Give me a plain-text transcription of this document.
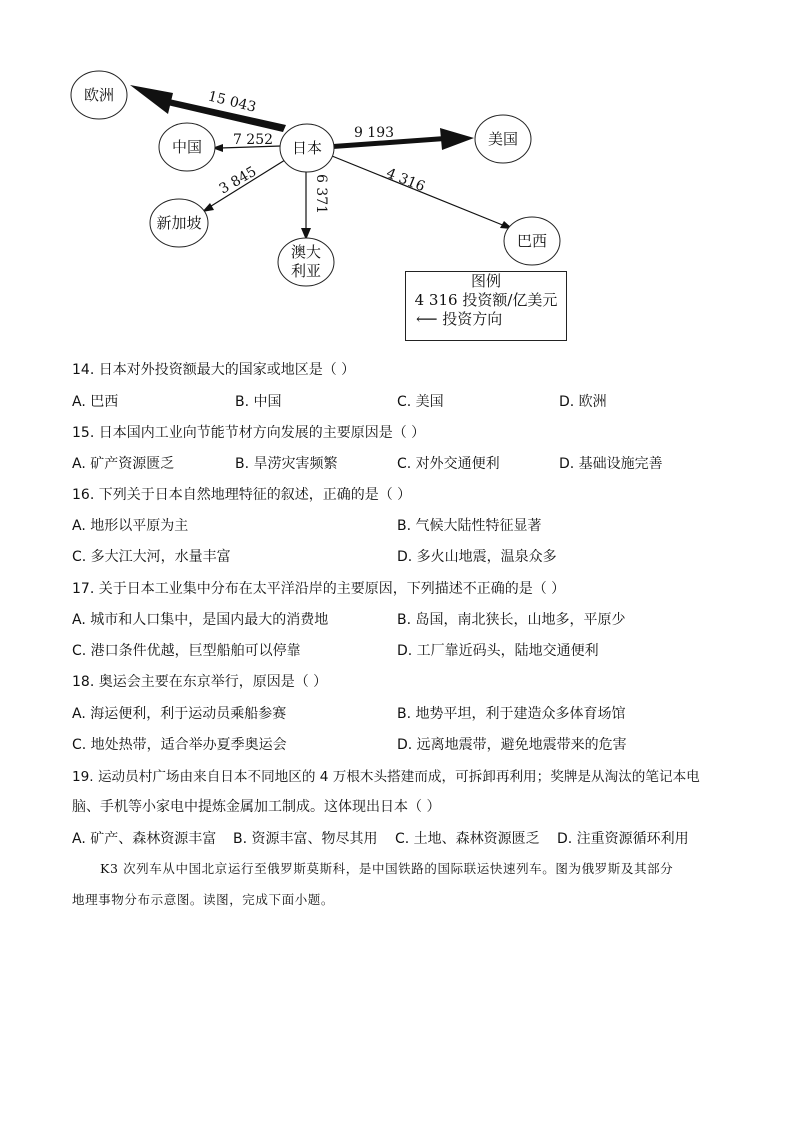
日本
欧洲
中国	美国
新加坡
澳大
利亚
巴西
15 043
7 252	9 193
3 845	6 371	4 316
图例
4 316 投资额/亿美元
⟵ 投资方向
14. 日本对外投资额最大的国家或地区是（ ）
A. 巴西	B. 中国	C. 美国	D. 欧洲
15. 日本国内工业向节能节材方向发展的主要原因是（ ）
A. 矿产资源匮乏	B. 旱涝灾害频繁	C. 对外交通便利	D. 基础设施完善
16. 下列关于日本自然地理特征的叙述，正确的是（ ）
A. 地形以平原为主	B. 气候大陆性特征显著
C. 多大江大河，水量丰富	D. 多火山地震，温泉众多
17. 关于日本工业集中分布在太平洋沿岸的主要原因，下列描述不正确的是（ ）
A. 城市和人口集中，是国内最大的消费地	B. 岛国，南北狭长，山地多，平原少
C. 港口条件优越，巨型船舶可以停靠	D. 工厂靠近码头，陆地交通便利
18. 奥运会主要在东京举行，原因是（ ）
A. 海运便利，利于运动员乘船参赛	B. 地势平坦，利于建造众多体育场馆
C. 地处热带，适合举办夏季奥运会	D. 远离地震带，避免地震带来的危害
19. 运动员村广场由来自日本不同地区的 4 万根木头搭建而成，可拆卸再利用；奖牌是从淘汰的笔记本电
脑、手机等小家电中提炼金属加工制成。这体现出日本（ ）
A. 矿产、森林资源丰富 B. 资源丰富、物尽其用 C. 土地、森林资源匮乏 D. 注重资源循环利用
K3 次列车从中国北京运行至俄罗斯莫斯科，是中国铁路的国际联运快速列车。图为俄罗斯及其部分
地理事物分布示意图。读图，完成下面小题。
